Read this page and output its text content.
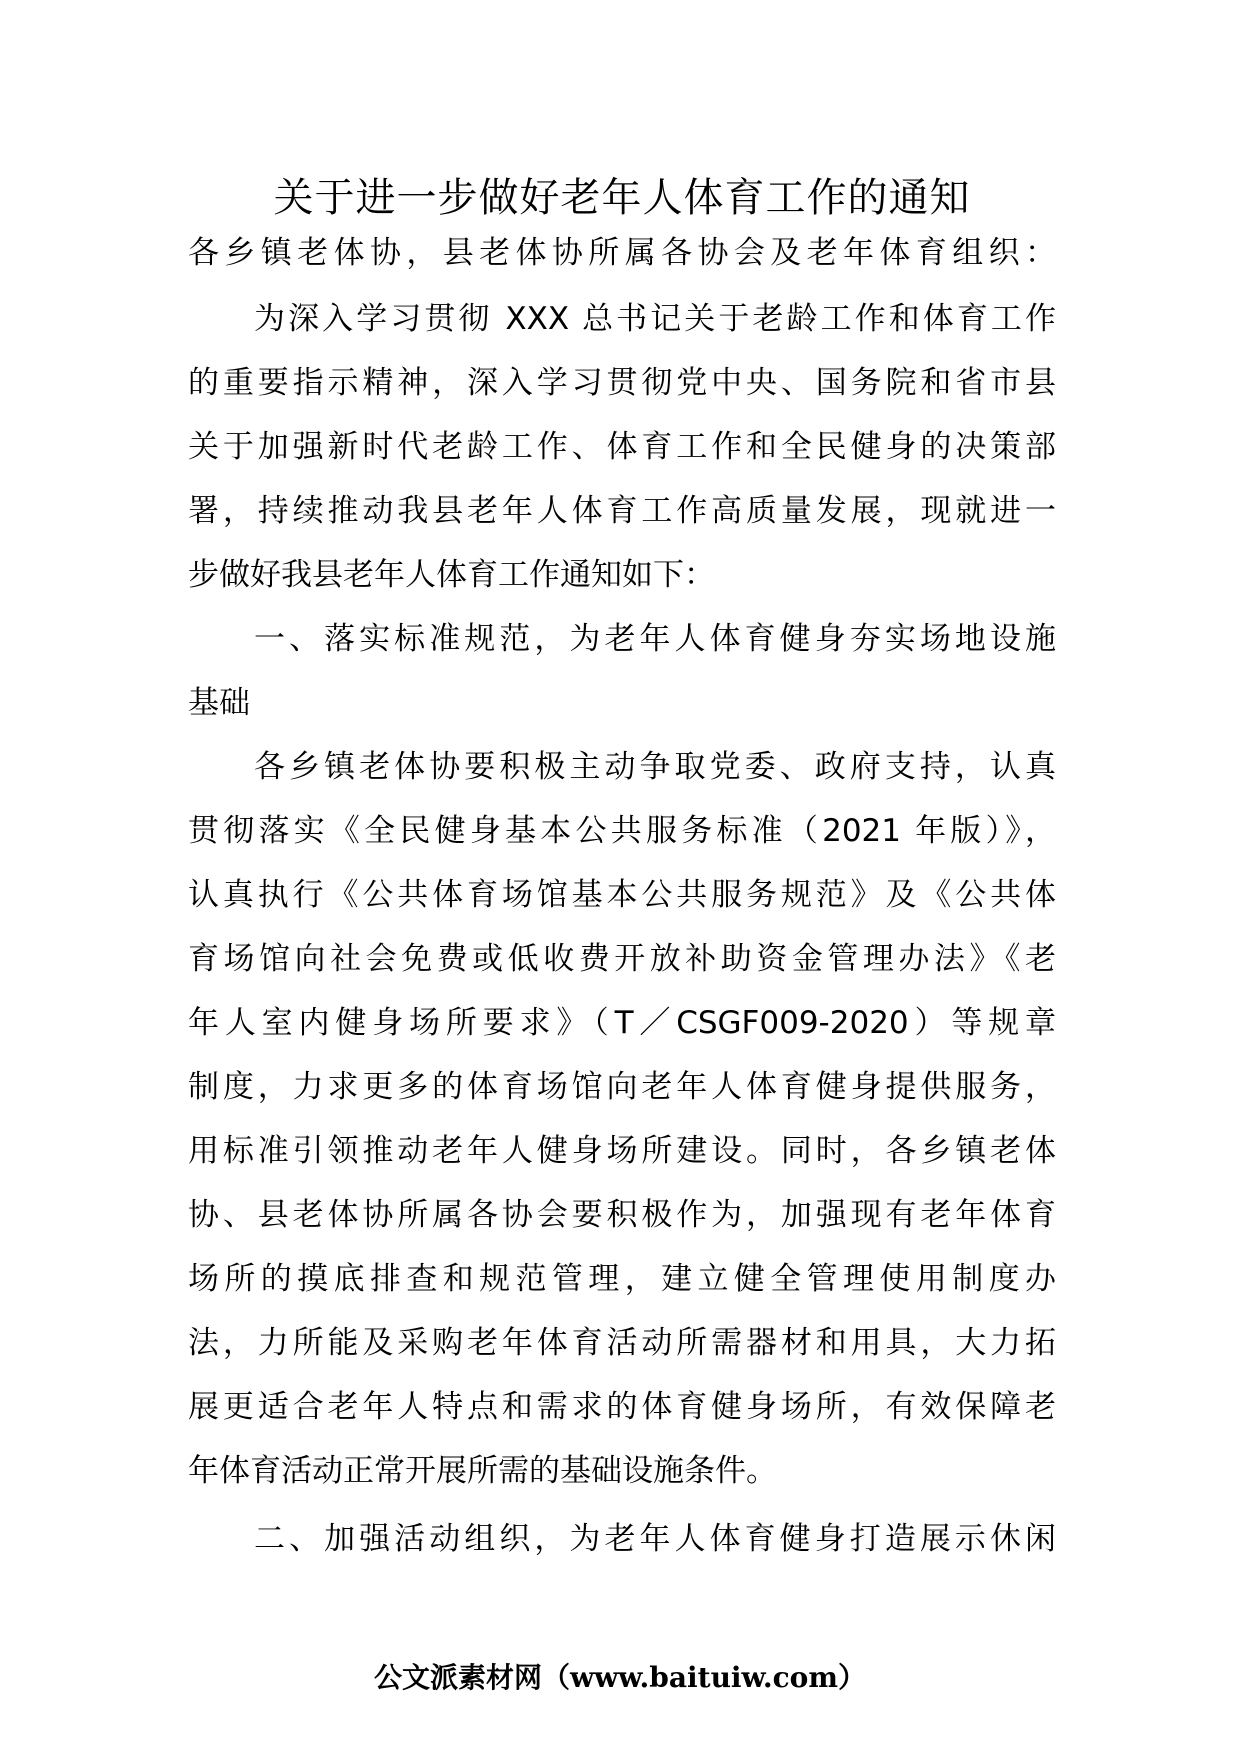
关于进一步做好老年人体育工作的通知
各乡镇老体协，县老体协所属各协会及老年体育组织：
为深入学习贯彻 XXX 总书记关于老龄工作和体育工作
的重要指示精神，深入学习贯彻党中央、国务院和省市县
关于加强新时代老龄工作、体育工作和全民健身的决策部
署，持续推动我县老年人体育工作高质量发展，现就进一
步做好我县老年人体育工作通知如下：
一、落实标准规范，为老年人体育健身夯实场地设施
基础
各乡镇老体协要积极主动争取党委、政府支持，认真
贯彻落实《全民健身基本公共服务标准（2021 年版）》，
认真执行《公共体育场馆基本公共服务规范》及《公共体
育场馆向社会免费或低收费开放补助资金管理办法》《老
年人室内健身场所要求》（T／CSGF009-2020）等规章
制度，力求更多的体育场馆向老年人体育健身提供服务，
用标准引领推动老年人健身场所建设。同时，各乡镇老体
协、县老体协所属各协会要积极作为，加强现有老年体育
场所的摸底排查和规范管理，建立健全管理使用制度办
法，力所能及采购老年体育活动所需器材和用具，大力拓
展更适合老年人特点和需求的体育健身场所，有效保障老
年体育活动正常开展所需的基础设施条件。
二、加强活动组织，为老年人体育健身打造展示休闲
公文派素材网（www.baituiw.com）
